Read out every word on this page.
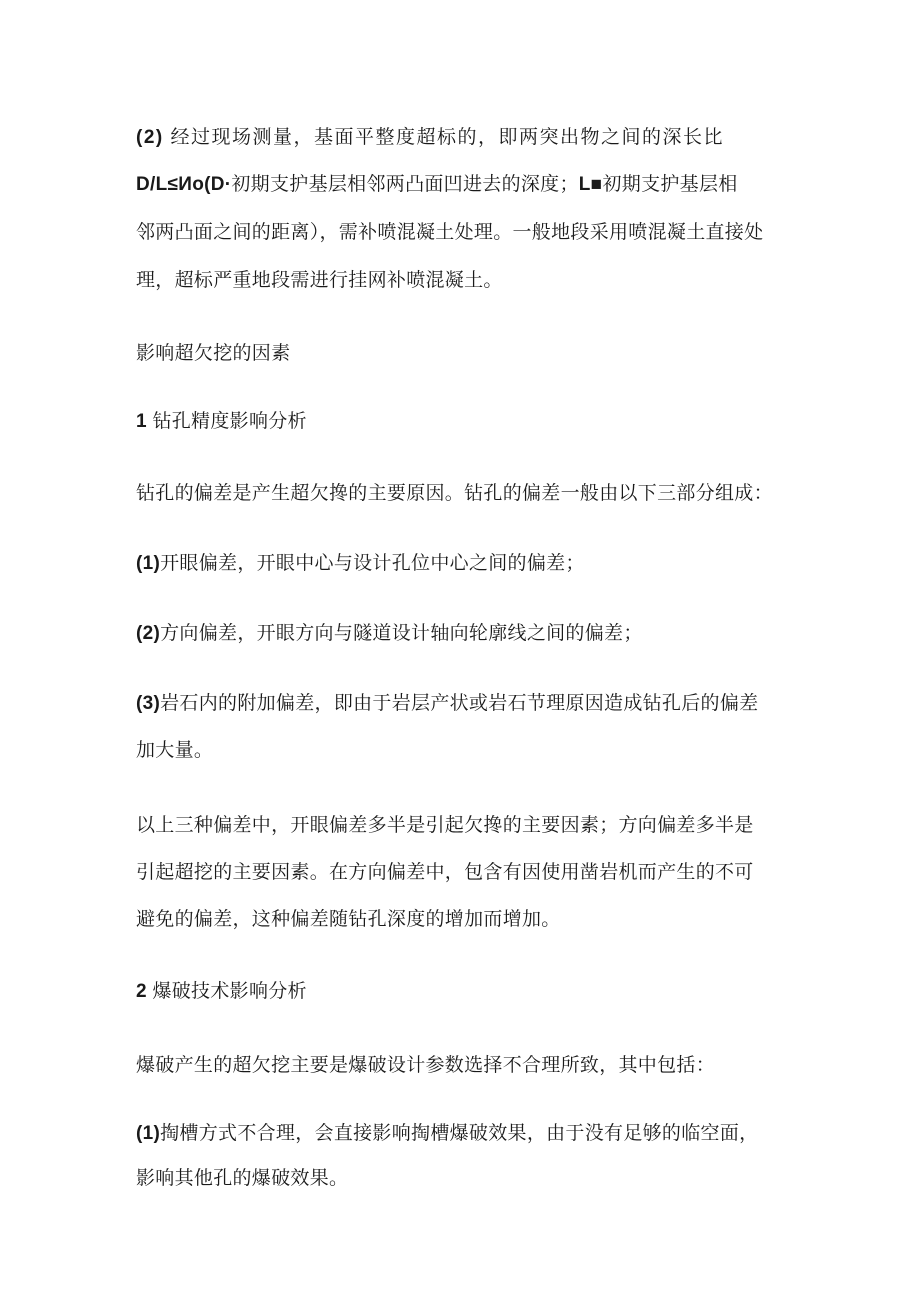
(2) 经过现场测量，基面平整度超标的，即两突出物之间的深长比
D/L≤Иo(D·初期支护基层相邻两凸面凹进去的深度；L■初期支护基层相
邻两凸面之间的距离），需补喷混凝土处理。一般地段采用喷混凝土直接处
理，超标严重地段需进行挂网补喷混凝土。
影响超欠挖的因素
1 钻孔精度影响分析
钻孔的偏差是产生超欠搀的主要原因。钻孔的偏差一般由以下三部分组成：
(1)开眼偏差，开眼中心与设计孔位中心之间的偏差；
(2)方向偏差，开眼方向与隧道设计轴向轮廓线之间的偏差；
(3)岩石内的附加偏差，即由于岩层产状或岩石节理原因造成钻孔后的偏差
加大量。
以上三种偏差中，开眼偏差多半是引起欠搀的主要因素；方向偏差多半是
引起超挖的主要因素。在方向偏差中，包含有因使用凿岩机而产生的不可
避免的偏差，这种偏差随钻孔深度的增加而增加。
2 爆破技术影响分析
爆破产生的超欠挖主要是爆破设计参数选择不合理所致，其中包括：
(1)掏槽方式不合理，会直接影响掏槽爆破效果，由于没有足够的临空面，
影响其他孔的爆破效果。
